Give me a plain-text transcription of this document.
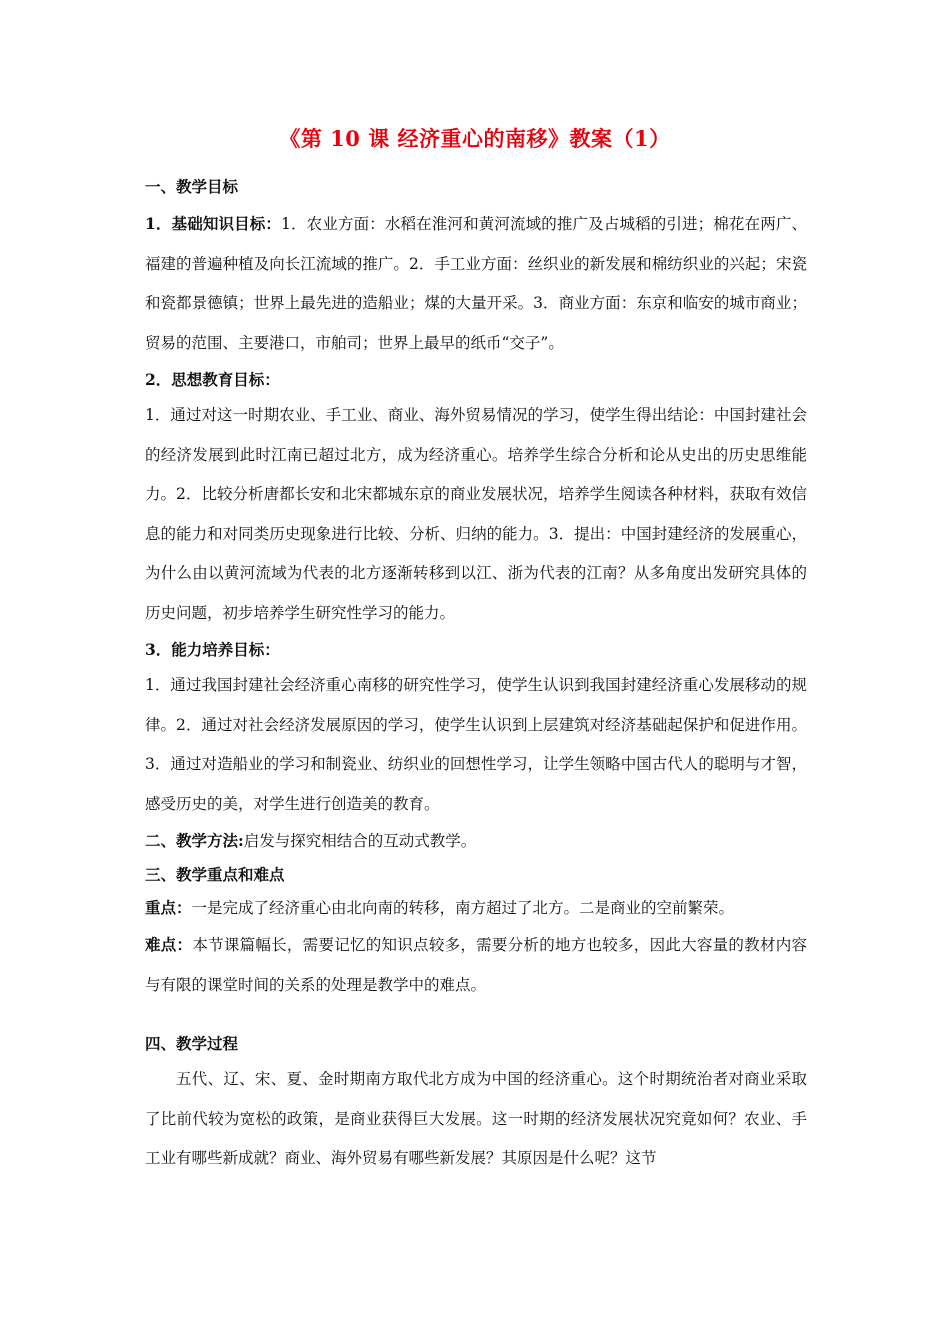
《第 10 课 经济重心的南移》教案（1）

一、教学目标

1．基础知识目标：1．农业方面：水稻在淮河和黄河流域的推广及占城稻的引进；棉花在两广、福建的普遍种植及向长江流域的推广。2．手工业方面：丝织业的新发展和棉纺织业的兴起；宋瓷和瓷都景德镇；世界上最先进的造船业；煤的大量开采。3．商业方面：东京和临安的城市商业；贸易的范围、主要港口，市舶司；世界上最早的纸币“交子”。

2．思想教育目标：

1．通过对这一时期农业、手工业、商业、海外贸易情况的学习，使学生得出结论：中国封建社会的经济发展到此时江南已超过北方，成为经济重心。培养学生综合分析和论从史出的历史思维能力。2．比较分析唐都长安和北宋都城东京的商业发展状况，培养学生阅读各种材料，获取有效信息的能力和对同类历史现象进行比较、分析、归纳的能力。3．提出：中国封建经济的发展重心，为什么由以黄河流域为代表的北方逐渐转移到以江、浙为代表的江南？从多角度出发研究具体的历史问题，初步培养学生研究性学习的能力。

3．能力培养目标：

1．通过我国封建社会经济重心南移的研究性学习，使学生认识到我国封建经济重心发展移动的规律。2．通过对社会经济发展原因的学习，使学生认识到上层建筑对经济基础起保护和促进作用。3．通过对造船业的学习和制瓷业、纺织业的回想性学习，让学生领略中国古代人的聪明与才智，感受历史的美，对学生进行创造美的教育。

二、教学方法:启发与探究相结合的互动式教学。

三、教学重点和难点

重点：一是完成了经济重心由北向南的转移，南方超过了北方。二是商业的空前繁荣。

难点：本节课篇幅长，需要记忆的知识点较多，需要分析的地方也较多，因此大容量的教材内容与有限的课堂时间的关系的处理是教学中的难点。

四、教学过程

五代、辽、宋、夏、金时期南方取代北方成为中国的经济重心。这个时期统治者对商业采取了比前代较为宽松的政策，是商业获得巨大发展。这一时期的经济发展状况究竟如何？农业、手工业有哪些新成就？商业、海外贸易有哪些新发展？其原因是什么呢？这节
